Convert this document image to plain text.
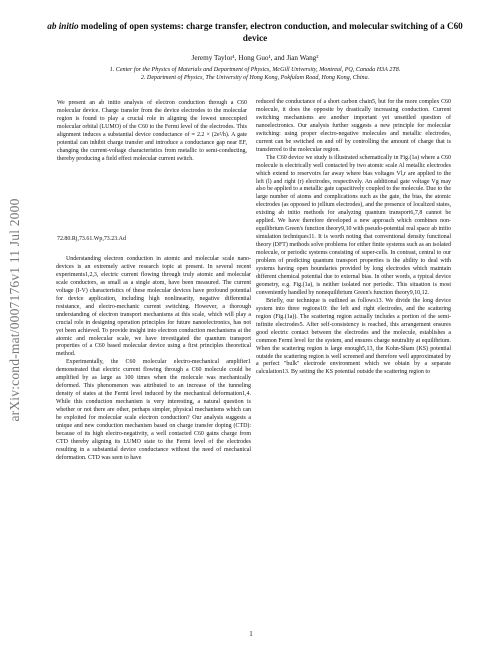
arXiv:cond-mat/0007176v1 11 Jul 2000
ab initio modeling of open systems: charge transfer, electron conduction, and molecular switching of a C60 device
Jeremy Taylor¹, Hong Guo¹, and Jian Wang²
1. Center for the Physics of Materials and Department of Physics, McGill University, Montreal, PQ, Canada H3A 2T8.
2. Department of Physics, The University of Hong Kong, Pokfulam Road, Hong Kong, China.
We present an ab initio analysis of electron conduction through a C60 molecular device. Charge transfer from the device electrodes to the molecular region is found to play a crucial role in aligning the lowest unoccupied molecular orbital (LUMO) of the C60 to the Fermi level of the electrodes. This alignment induces a substantial device conductance of ≈ 2.2 × (2e²/h). A gate potential can inhibit charge transfer and introduce a conductance gap near EF, changing the current-voltage characteristics from metallic to semi-conducting, thereby producing a field effect molecular current switch.
72.80.Rj,73.61.Wp,73.23.Ad

Understanding electron conduction in atomic and molecular scale nano-devices is an extremely active research topic at present. In several recent experiments1,2,3, electric current flowing through truly atomic and molecular scale conductors, as small as a single atom, have been measured. The current voltage (I-V) characteristics of these molecular devices have profound potential for device application, including high nonlinearity, negative differential resistance, and electro-mechanic current switching. However, a thorough understanding of electron transport mechanisms at this scale, which will play a crucial role in designing operation principles for future nanoelectronics, has not yet been achieved. To provide insight into electron conduction mechanisms at the atomic and molecular scale, we have investigated the quantum transport properties of a C60 based molecular device using a first principles theoretical method.

Experimentally, the C60 molecular electro-mechanical amplifier1 demonstrated that electric current flowing through a C60 molecule could be amplified by as large as 100 times when the molecule was mechanically deformed. This phenomenon was attributed to an increase of the tunneling density of states at the Fermi level induced by the mechanical deformation1,4. While this conduction mechanism is very interesting, a natural question is whether or not there are other, perhaps simpler, physical mechanisms which can be exploited for molecular scale electron conduction? Our analysis suggests a unique and new conduction mechanism based on charge transfer doping (CTD): because of its high electro-negativity, a well contacted C60 gains charge from CTD thereby aligning its LUMO state to the Fermi level of the electrodes resulting in a substantial device conductance without the need of mechanical deformation. CTD was seen to have

reduced the conductance of a short carbon chain5, but for the more complex C60 molecule, it does the opposite by drastically increasing conduction. Current switching mechanisms are another important yet unsettled question of nanoelectronics. Our analysis further suggests a new principle for molecular switching: using proper electro-negative molecules and metallic electrodes, current can be switched on and off by controlling the amount of charge that is transferred to the molecular region.

The C60 device we study is illustrated schematically in Fig.(1a) where a C60 molecule is electrically well contacted by two atomic scale Al metallic electrodes which extend to reservoirs far away where bias voltages Vl,r are applied to the left (l) and right (r) electrodes, respectively. An additional gate voltage Vg may also be applied to a metallic gate capacitively coupled to the molecule. Due to the large number of atoms and complications such as the gate, the bias, the atomic electrodes (as opposed to jellium electrodes), and the presence of localized states, existing ab initio methods for analyzing quantum transport6,7,8 cannot be applied. We have therefore developed a new approach which combines non-equilibrium Green's function theory9,10 with pseudo-potential real space ab initio simulation techniques11. It is worth noting that conventional density functional theory (DFT) methods solve problems for either finite systems such as an isolated molecule, or periodic systems consisting of super-cells. In contrast, central to our problem of predicting quantum transport properties is the ability to deal with systems having open boundaries provided by long electrodes which maintain different chemical potential due to external bias. In other words, a typical device geometry, e.g. Fig.(1a), is neither isolated nor periodic. This situation is most conveniently handled by nonequilibrium Green's function theory9,10,12.

Briefly, our technique is outlined as follows13. We divide the long device system into three regions10: the left and right electrodes, and the scattering region (Fig.(1a)). The scattering region actually includes a portion of the semi-infinite electrodes5. After self-consistency is reached, this arrangement ensures good electric contact between the electrodes and the molecule, establishes a common Fermi level for the system, and ensures charge neutrality at equilibrium. When the scattering region is large enough5,13, the Kohn-Sham (KS) potential outside the scattering region is well screened and therefore well approximated by a perfect "bulk" electrode environment which we obtain by a separate calculation13. By setting the KS potential outside the scattering region to

1
